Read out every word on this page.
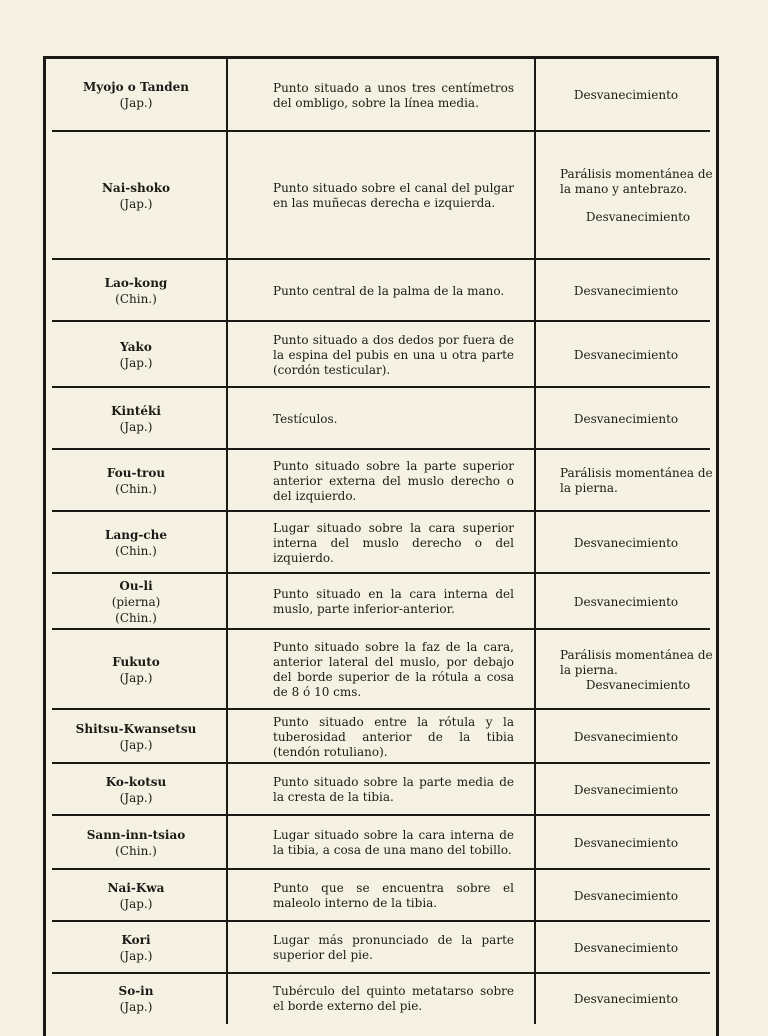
Myojo o Tanden
(Jap.)
Punto situado a unos tres centímetros del ombligo, sobre la línea media.
Desvanecimiento
Nai-shoko
(Jap.)
Punto situado sobre el canal del pulgar en las muñecas derecha e izquierda.
Parálisis momentánea de la mano y antebrazo.
Desvanecimiento
Lao-kong
(Chin.)
Punto central de la palma de la mano.	Desvanecimiento
Yako
(Jap.)
Punto situado a dos dedos por fuera de la espina del pubis en una u otra parte (cordón testicular).
Desvanecimiento
Kintéki
(Jap.)
Testículos.	Desvanecimiento
Fou-trou
(Chin.)
Punto situado sobre la parte superior anterior externa del muslo derecho o del izquierdo.
Parálisis momentánea de la pierna.
Lang-che
(Chin.)
Lugar situado sobre la cara superior interna del muslo derecho o del izquierdo.
Desvanecimiento
Ou-li
(pierna)
(Chin.)
Punto situado en la cara interna del muslo, parte inferior-anterior.
Desvanecimiento
Fukuto
(Jap.)
Punto situado sobre la faz de la cara, anterior lateral del muslo, por debajo del borde superior de la rótula a cosa de 8 ó 10 cms.
Parálisis momentánea de la pierna.
Desvanecimiento
Shitsu-Kwansetsu
(Jap.)
Punto situado entre la rótula y la tuberosidad anterior de la tibia (tendón rotuliano).
Desvanecimiento
Ko-kotsu
(Jap.)
Punto situado sobre la parte media de la cresta de la tibia.
Desvanecimiento
Sann-inn-tsiao
(Chin.)
Lugar situado sobre la cara interna de la tibia, a cosa de una mano del tobillo.
Desvanecimiento
Nai-Kwa
(Jap.)
Punto que se encuentra sobre el maleolo interno de la tibia.
Desvanecimiento
Kori
(Jap.)
Lugar más pronunciado de la parte superior del pie.
Desvanecimiento
So-in
(Jap.)
Tubérculo del quinto metatarso sobre el borde externo del pie.
Desvanecimiento
